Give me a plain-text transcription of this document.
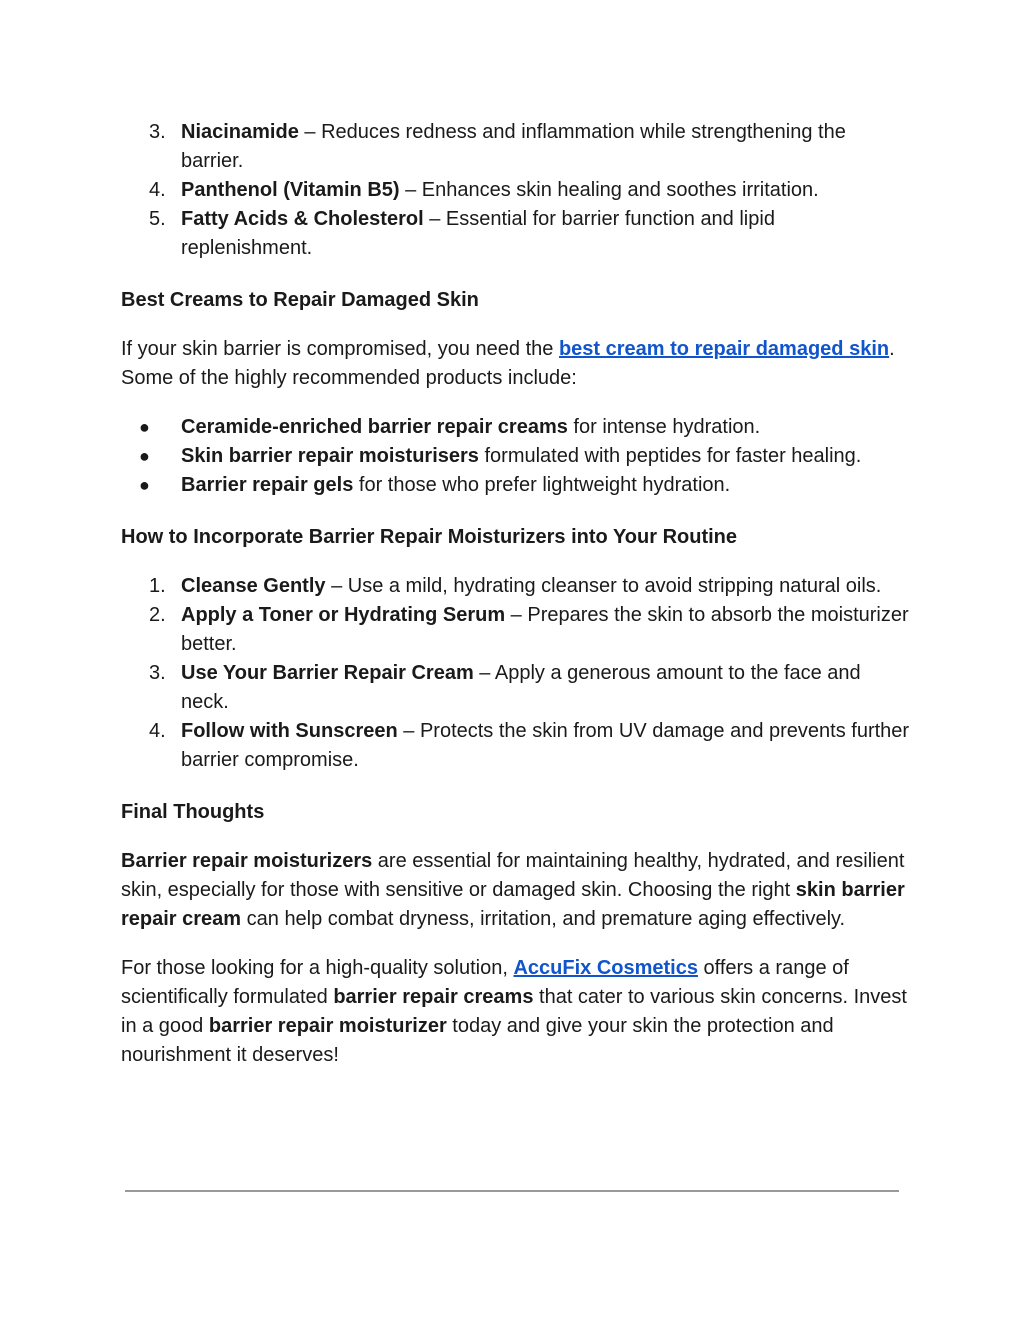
3. Niacinamide – Reduces redness and inflammation while strengthening the barrier.
4. Panthenol (Vitamin B5) – Enhances skin healing and soothes irritation.
5. Fatty Acids & Cholesterol – Essential for barrier function and lipid replenishment.
Best Creams to Repair Damaged Skin

If your skin barrier is compromised, you need the best cream to repair damaged skin. Some of the highly recommended products include:

●	Ceramide-enriched barrier repair creams for intense hydration.
●	Skin barrier repair moisturisers formulated with peptides for faster healing.
●	Barrier repair gels for those who prefer lightweight hydration.
How to Incorporate Barrier Repair Moisturizers into Your Routine
1. Cleanse Gently – Use a mild, hydrating cleanser to avoid stripping natural oils.
2. Apply a Toner or Hydrating Serum – Prepares the skin to absorb the moisturizer better.
3. Use Your Barrier Repair Cream – Apply a generous amount to the face and neck.
4. Follow with Sunscreen – Protects the skin from UV damage and prevents further barrier compromise.
Final Thoughts

Barrier repair moisturizers are essential for maintaining healthy, hydrated, and resilient skin, especially for those with sensitive or damaged skin. Choosing the right skin barrier repair cream can help combat dryness, irritation, and premature aging effectively.

For those looking for a high-quality solution, AccuFix Cosmetics offers a range of scientifically formulated barrier repair creams that cater to various skin concerns. Invest in a good barrier repair moisturizer today and give your skin the protection and nourishment it deserves!
